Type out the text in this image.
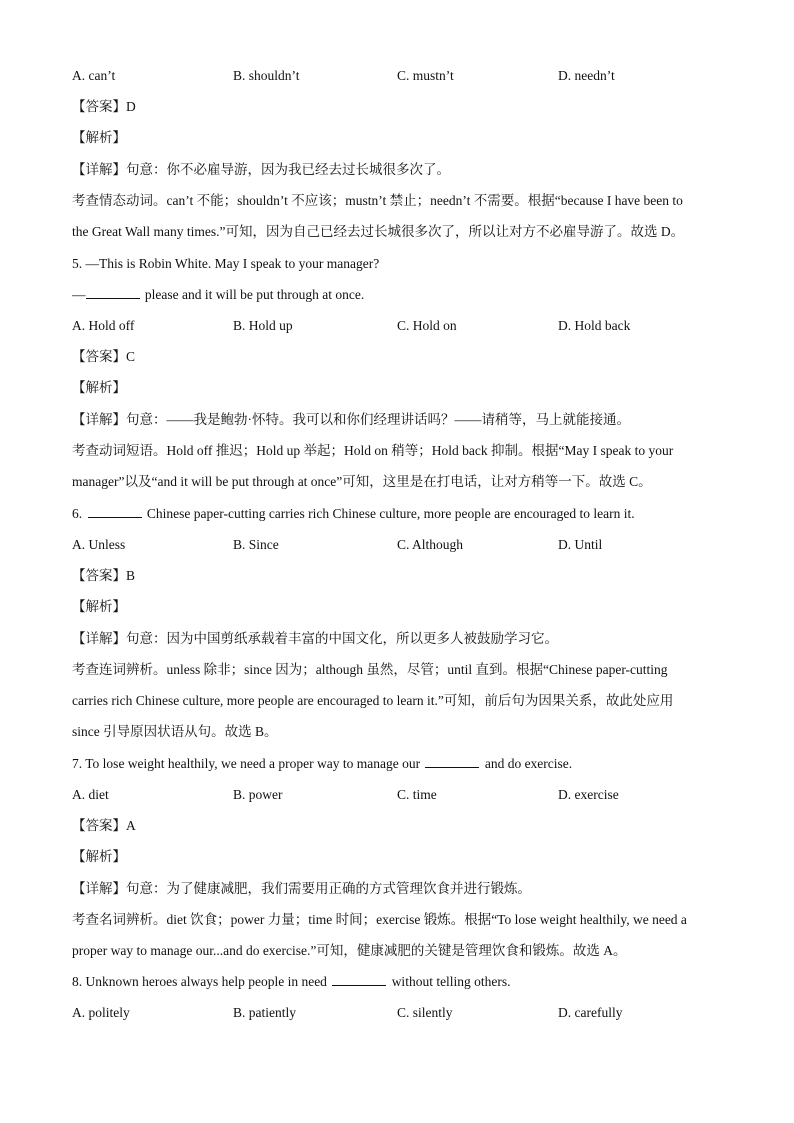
A. can’t	B. shouldn’t	C. mustn’t	D. needn’t
【答案】D
【解析】
【详解】句意：你不必雇导游，因为我已经去过长城很多次了。
考查情态动词。can’t 不能；shouldn’t 不应该；mustn’t 禁止；needn’t 不需要。根据“because I have been to
the Great Wall many times.”可知，因为自己已经去过长城很多次了，所以让对方不必雇导游了。故选 D。
5. —This is Robin White. May I speak to your manager?
—	please and it will be put through at once.
A. Hold off	B. Hold up	C. Hold on	D. Hold back
【答案】C
【解析】
【详解】句意：——我是鲍勃·怀特。我可以和你们经理讲话吗？——请稍等，马上就能接通。
考查动词短语。Hold off 推迟；Hold up 举起；Hold on 稍等；Hold back 抑制。根据“May I speak to your
manager”以及“and it will be put through at once”可知，这里是在打电话，让对方稍等一下。故选 C。
6.	Chinese paper-cutting carries rich Chinese culture, more people are encouraged to learn it.
A. Unless	B. Since	C. Although	D. Until
【答案】B
【解析】
【详解】句意：因为中国剪纸承载着丰富的中国文化，所以更多人被鼓励学习它。
考查连词辨析。unless 除非；since 因为；although 虽然，尽管；until 直到。根据“Chinese paper-cutting
carries rich Chinese culture, more people are encouraged to learn it.”可知，前后句为因果关系，故此处应用
since 引导原因状语从句。故选 B。
7. To lose weight healthily, we need a proper way to manage our	and do exercise.
A. diet	B. power	C. time	D. exercise
【答案】A
【解析】
【详解】句意：为了健康减肥，我们需要用正确的方式管理饮食并进行锻炼。
考查名词辨析。diet 饮食；power 力量；time 时间；exercise 锻炼。根据“To lose weight healthily, we need a
proper way to manage our...and do exercise.”可知，健康减肥的关键是管理饮食和锻炼。故选 A。
8. Unknown heroes always help people in need	without telling others.
A. politely	B. patiently	C. silently	D. carefully
